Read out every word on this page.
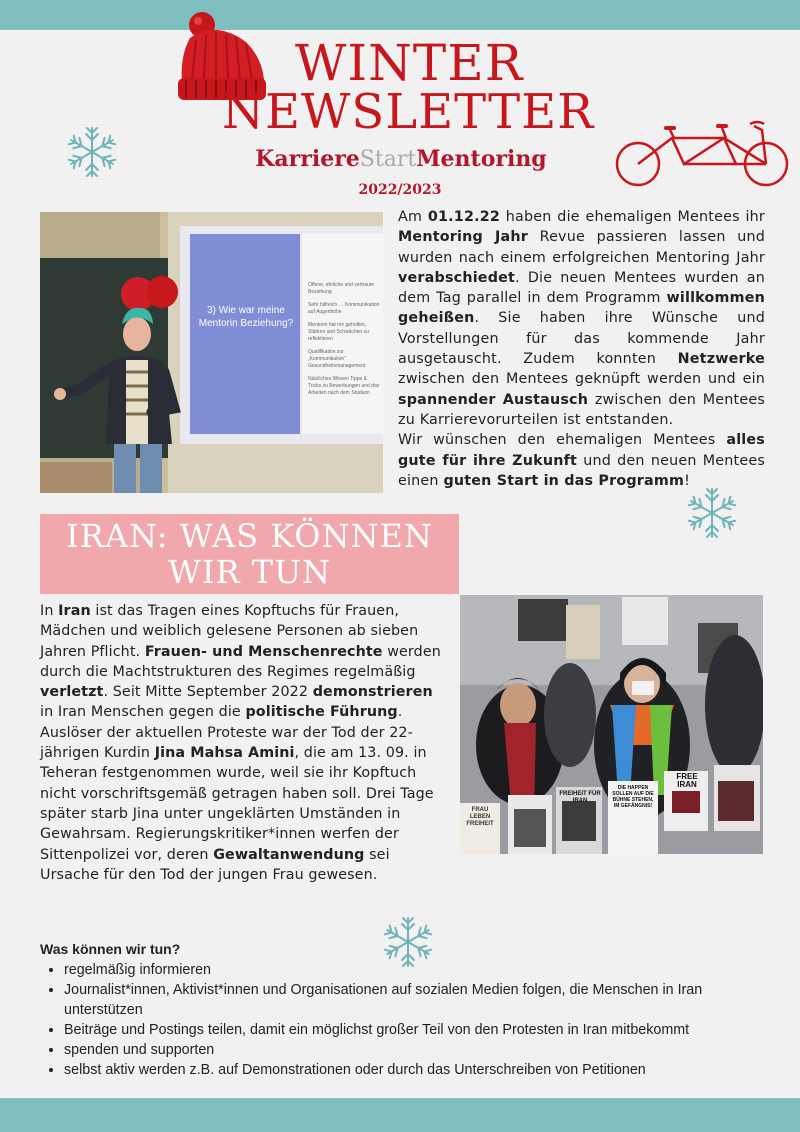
WINTER
NEWSLETTER
KarriereStartMentoring
2022/2023
3) Wie war meine Mentorin Beziehung?
Offene, ehrliche und vertraute Beziehung
Sehr hilfreich → Kommunikation auf Augenhöhe
Mentorin hat mir geholfen, Stärken und Schwächen zu reflektieren
Qualifikation zur „Kommunikation“ Gesundheitsmanagement
Nützliches Wissen Tipps & Tricks zu Bewerbungen und das Arbeiten nach dem Studium

Am 01.12.22 haben die ehemaligen Mentees ihr Mentoring Jahr Revue passieren lassen und wurden nach einem erfolgreichen Mentoring Jahr verabschiedet. Die neuen Mentees wurden an dem Tag parallel in dem Programm willkommen geheißen. Sie haben ihre Wünsche und Vorstellungen für das kommende Jahr ausgetauscht. Zudem konnten Netzwerke zwischen den Mentees geknüpft werden und ein spannender Austausch zwischen den Mentees zu Karrierevorurteilen ist entstanden.

Wir wünschen den ehemaligen Mentees alles gute für ihre Zukunft und den neuen Mentees einen guten Start in das Programm!

IRAN: WAS KÖNNEN
WIR TUN

In Iran ist das Tragen eines Kopftuchs für Frauen, Mädchen und weiblich gelesene Personen ab sieben Jahren Pflicht. Frauen- und Menschenrechte werden durch die Machtstrukturen des Regimes regelmäßig verletzt. Seit Mitte September 2022 demonstrieren in Iran Menschen gegen die politische Führung.

Auslöser der aktuellen Proteste war der Tod der 22-jährigen Kurdin Jina Mahsa Amini, die am 13. 09. in Teheran festgenommen wurde, weil sie ihr Kopftuch nicht vorschriftsgemäß getragen haben soll. Drei Tage später starb Jina unter ungeklärten Umständen in Gewahrsam. Regierungskritiker*innen werfen der Sittenpolizei vor, deren Gewaltanwendung sei Ursache für den Tod der jungen Frau gewesen.

FREIHEIT FÜR IRAN
FREE IRAN
DIE HAPPEN SOLLEN AUF DIE BÜHNE STEHEN, IM GEFÄNGNIS!
FRAU LEBEN FREIHEIT
Was können wir tun?
• regelmäßig informieren
• Journalist*innen, Aktivist*innen und Organisationen auf sozialen Medien folgen, die Menschen in Iran unterstützen
• Beiträge und Postings teilen, damit ein möglichst großer Teil von den Protesten in Iran mitbekommt
• spenden und supporten
• selbst aktiv werden z.B. auf Demonstrationen oder durch das Unterschreiben von Petitionen
